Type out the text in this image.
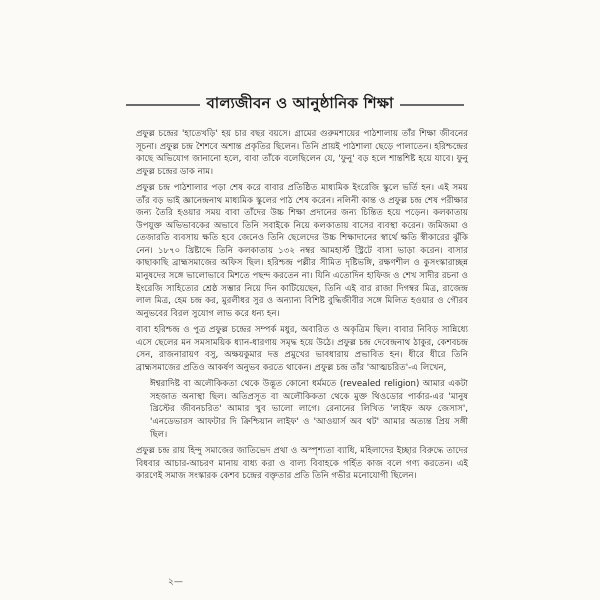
বাল্যজীবন ও আনুষ্ঠানিক শিক্ষা

প্রফুল্ল চন্দ্রের 'হাতেখড়ি' হয় চার বছর বয়সে। গ্রামের গুরুমশায়ের পাঠশালায় তাঁর শিক্ষা জীবনের সূচনা। প্রফুল্ল চন্দ্র শৈশবে অশান্ত প্রকৃতির ছিলেন। তিনি প্রায়ই পাঠশালা ছেড়ে পালাতেন। হরিশ্চন্দ্রের কাছে অভিযোগ জানানো হলে, বাবা তাঁকে বলেছিলেন যে, 'ফুনু' বড় হলে শান্তশিষ্ট হয়ে যাবে। ফুনু প্রফুল্ল চন্দ্রের ডাক নাম।

প্রফুল্ল চন্দ্র পাঠশালার পড়া শেষ করে বাবার প্রতিষ্ঠিত মাধ্যমিক ইংরেজি স্কুলে ভর্তি হন। এই সময় তাঁর বড় ভাই জ্ঞানেন্দ্রনাথ মাধ্যমিক স্কুলের পাঠ শেষ করেন। নলিনী কান্ত ও প্রফুল্ল চন্দ্র শেষ পরীক্ষার জন্য তৈরি হওয়ার সময় বাবা তাঁদের উচ্চ শিক্ষা প্রদানের জন্য চিন্তিত হয়ে পড়েন। কলকাতায় উপযুক্ত অভিভাবকের অভাবে তিনি সবাইকে নিয়ে কলকাতায় বাসের ব্যবস্থা করেন। জমিজমা ও তেজারতি ব্যবসায় ক্ষতি হবে জেনেও তিনি ছেলেদের উচ্চ শিক্ষাদানের স্বার্থে ক্ষতি স্বীকারের ঝুঁকি নেন। ১৮৭০ খ্রিষ্টাব্দে তিনি কলকাতায় ১৩২ নম্বর আমহার্স্ট স্ট্রিটে বাসা ভাড়া করেন। বাসার কাছাকাছি ব্রাহ্মসমাজের অফিস ছিল। হরিশ্চন্দ্র পল্লীর সীমিত দৃষ্টিভঙ্গি, রক্ষণশীল ও কুসংস্কারাচ্ছন্ন মানুষদের সঙ্গে ভালোভাবে মিশতে পছন্দ করতেন না। যিনি এতোদিন হাফিজ ও শেখ সাদীর রচনা ও ইংরেজি সাহিত্যের শ্রেষ্ঠ সম্ভার নিয়ে দিন কাটিয়েছেন, তিনি এই বার রাজা দিগম্বর মিত্র, রাজেন্দ্র লাল মিত্র, হেম চন্দ্র কর, মুরলীধর সুর ও অন্যান্য বিশিষ্ট বুদ্ধিজীবীর সঙ্গে মিলিত হওয়ার ও গৌরব অনুভবের বিরল সুযোগ লাভ করে ধন্য হন।

বাবা হরিশ্চন্দ্র ও পুত্র প্রফুল্ল চন্দ্রের সম্পর্ক মধুর, অবারিত ও অকৃত্রিম ছিল। বাবার নিবিড় সান্নিধ্যে এসে ছেলের মন সমসাময়িক ধ্যান-ধারণায় সমৃদ্ধ হয়ে উঠে। প্রফুল্ল চন্দ্র দেবেন্দ্রনাথ ঠাকুর, কেশবচন্দ্র সেন, রাজনারায়ণ বসু, অক্ষয়কুমার দত্ত প্রমুখের ভাবধারায় প্রভাবিত হন। ধীরে ধীরে তিনি ব্রাহ্মসমাজের প্রতিও আকর্ষণ অনুভব করতে থাকেন। প্রফুল্ল চন্দ্র তাঁর 'আত্মচরিত'-এ লিখেন,

ঈশ্বরাদিষ্ট বা অলৌকিকতা থেকে উদ্ভূত কোনো ধর্মমতে (revealed religion) আমার একটা সহজাত অনাস্থা ছিল। অতিপ্রসূত বা অলৌকিকতা থেকে মুক্ত থিওডোর পার্কার-এর 'মানুষ খ্রিস্টের জীবনচরিত' আমার খুব ভালো লাগে। রেনানের লিখিত 'লাইফ অফ জেসাস', 'এনডেভারস আফটার দি ক্রিশ্চিয়ান লাইফ' ও 'আওয়ার্স অব থট' আমার অত্যন্ত প্রিয় সঙ্গী ছিল।

প্রফুল্ল চন্দ্র রায় হিন্দু সমাজের জাতিভেদ প্রথা ও অস্পৃশ্যতা ব্যাধি, মহিলাদের ইচ্ছার বিরুদ্ধে তাদের বিধবার আচার-আচরণ মানায় বাধ্য করা ও বাল্য বিবাহকে গর্হিত কাজ বলে গণ্য করতেন। এই কারণেই সমাজ সংস্কারক কেশব চন্দ্রের বক্তৃতার প্রতি তিনি গভীর মনোযোগী ছিলেন।

২—
